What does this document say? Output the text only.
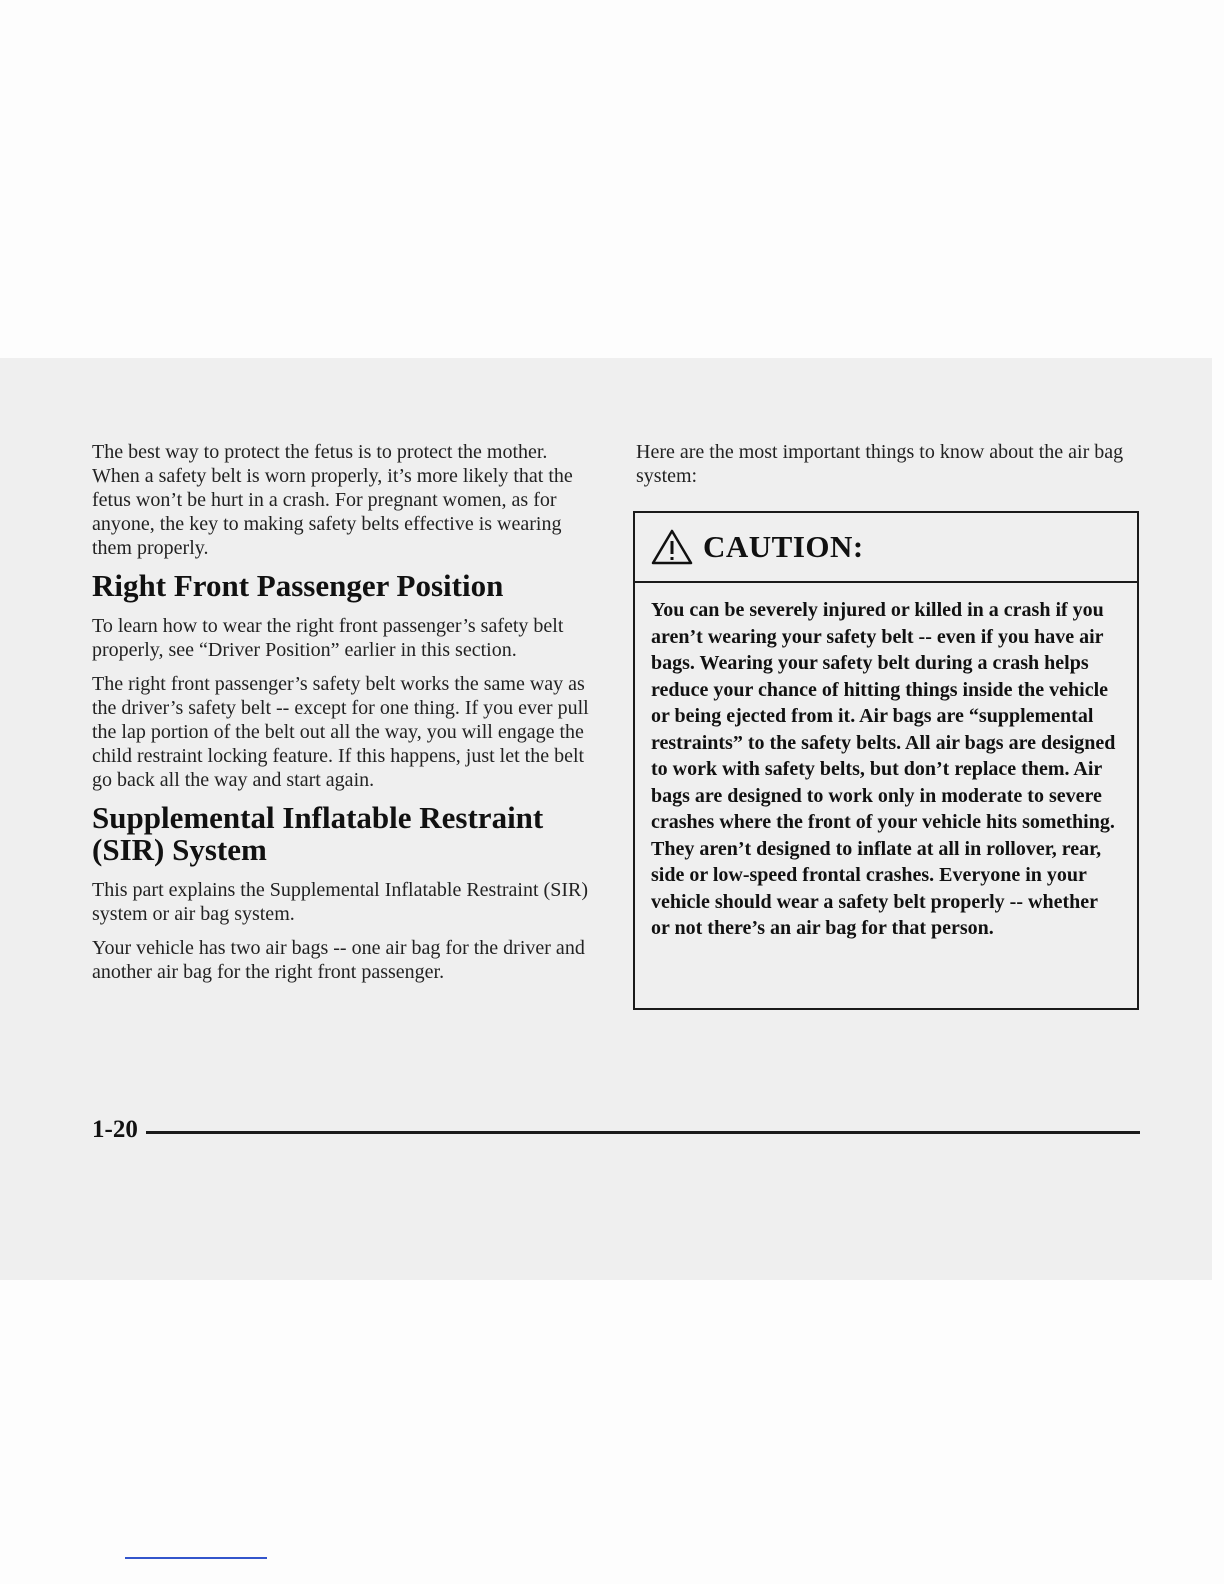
The best way to protect the fetus is to protect the mother. When a safety belt is worn properly, it’s more likely that the fetus won’t be hurt in a crash. For pregnant women, as for anyone, the key to making safety belts effective is wearing them properly.

Right Front Passenger Position

To learn how to wear the right front passenger’s safety belt properly, see “Driver Position” earlier in this section.

The right front passenger’s safety belt works the same way as the driver’s safety belt -- except for one thing. If you ever pull the lap portion of the belt out all the way, you will engage the child restraint locking feature. If this happens, just let the belt go back all the way and start again.

Supplemental Inflatable Restraint (SIR) System

This part explains the Supplemental Inflatable Restraint (SIR) system or air bag system.

Your vehicle has two air bags -- one air bag for the driver and another air bag for the right front passenger.

Here are the most important things to know about the air bag system:

CAUTION:
You can be severely injured or killed in a crash if you aren’t wearing your safety belt -- even if you have air bags. Wearing your safety belt during a crash helps reduce your chance of hitting things inside the vehicle or being ejected from it. Air bags are “supplemental restraints” to the safety belts. All air bags are designed to work with safety belts, but don’t replace them. Air bags are designed to work only in moderate to severe crashes where the front of your vehicle hits something. They aren’t designed to inflate at all in rollover, rear, side or low-speed frontal crashes. Everyone in your vehicle should wear a safety belt properly -- whether or not there’s an air bag for that person.
1-20
